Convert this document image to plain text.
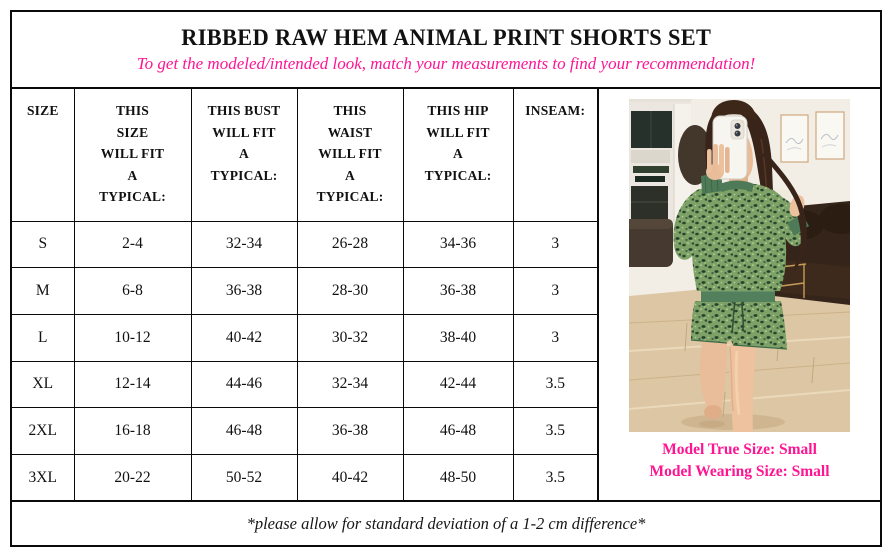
RIBBED RAW HEM ANIMAL PRINT SHORTS SET
To get the modeled/intended look, match your measurements to find your recommendation!
SIZE	THIS SIZE WILL FIT A TYPICAL:	THIS BUST WILL FIT A TYPICAL:	THIS WAIST WILL FIT A TYPICAL:	THIS HIP WILL FIT A TYPICAL:	INSEAM:

S	2-4	32-34	26-28	34-36	3
M	6-8	36-38	28-30	36-38	3
L	10-12	40-42	30-32	38-40	3
XL	12-14	44-46	32-34	42-44	3.5
2XL	16-18	46-48	36-38	46-48	3.5
3XL	20-22	50-52	40-42	48-50	3.5
Model True Size: Small
Model Wearing Size: Small
*please allow for standard deviation of a 1-2 cm difference*
